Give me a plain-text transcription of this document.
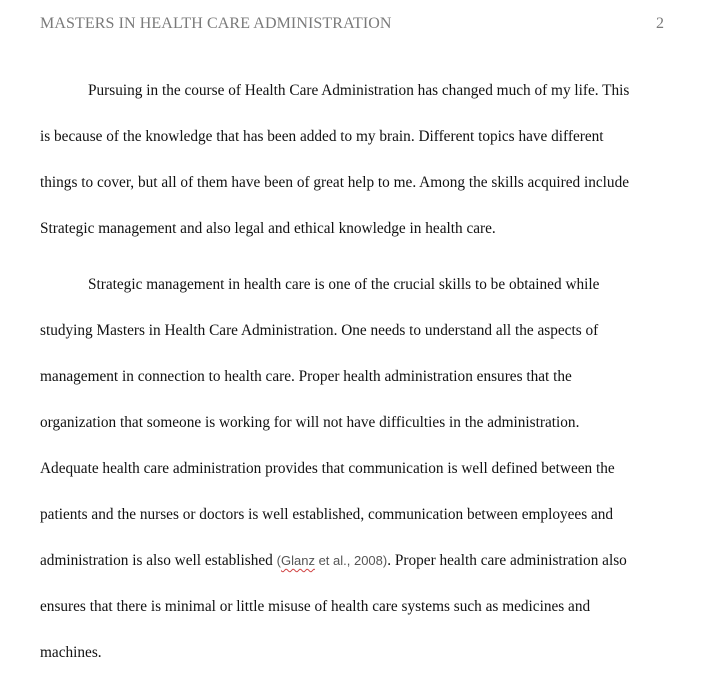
MASTERS IN HEALTH CARE ADMINISTRATION	2
Pursuing in the course of Health Care Administration has changed much of my life. This
is because of the knowledge that has been added to my brain. Different topics have different
things to cover, but all of them have been of great help to me. Among the skills acquired include
Strategic management and also legal and ethical knowledge in health care.
Strategic management in health care is one of the crucial skills to be obtained while
studying Masters in Health Care Administration. One needs to understand all the aspects of
management in connection to health care. Proper health administration ensures that the
organization that someone is working for will not have difficulties in the administration.
Adequate health care administration provides that communication is well defined between the
patients and the nurses or doctors is well established, communication between employees and
administration is also well established (Glanz et al., 2008). Proper health care administration also
ensures that there is minimal or little misuse of health care systems such as medicines and
machines.
